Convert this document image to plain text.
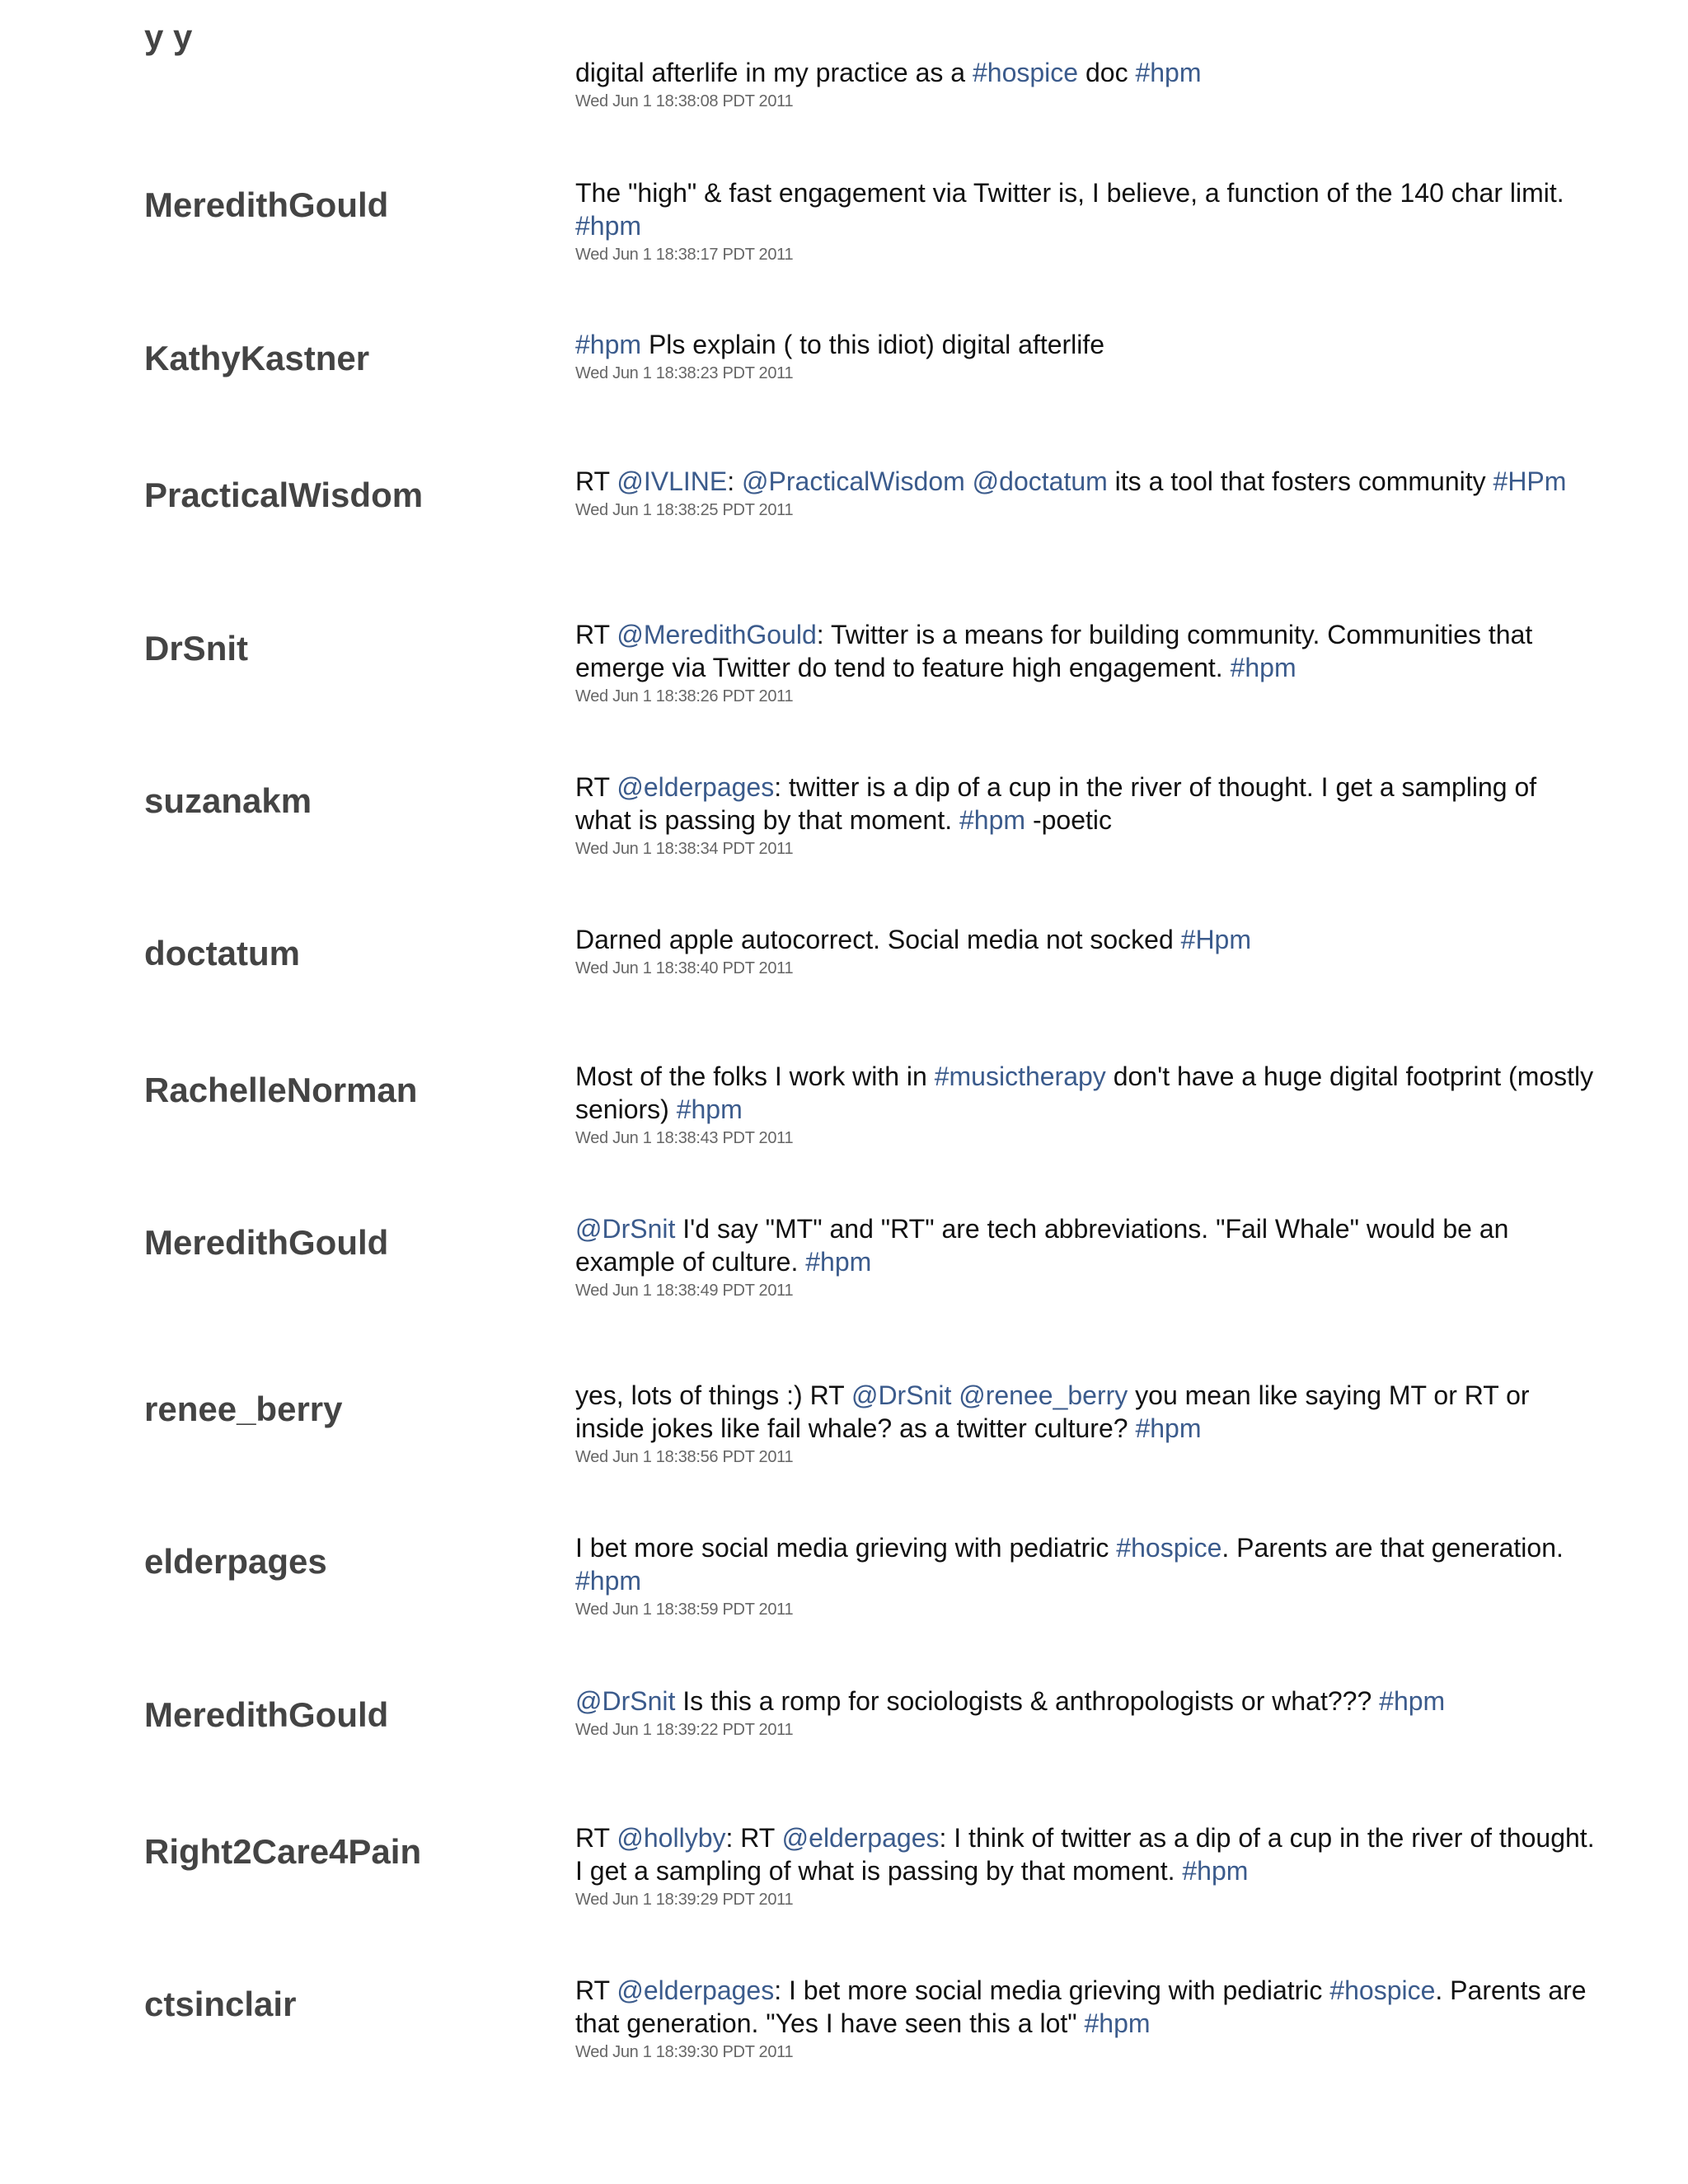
y y
digital afterlife in my practice as a #hospice doc #hpm
Wed Jun 1 18:38:08 PDT 2011
MeredithGould	The "high" & fast engagement via Twitter is, I believe, a function of the 140 char limit. #hpm
Wed Jun 1 18:38:17 PDT 2011
KathyKastner	#hpm Pls explain ( to this idiot) digital afterlife
Wed Jun 1 18:38:23 PDT 2011
PracticalWisdom	RT @IVLINE: @PracticalWisdom @doctatum its a tool that fosters community #HPm
Wed Jun 1 18:38:25 PDT 2011
DrSnit	RT @MeredithGould: Twitter is a means for building community. Communities that emerge via Twitter do tend to feature high engagement. #hpm
Wed Jun 1 18:38:26 PDT 2011
suzanakm	RT @elderpages: twitter is a dip of a cup in the river of thought. I get a sampling of what is passing by that moment. #hpm -poetic
Wed Jun 1 18:38:34 PDT 2011
doctatum	Darned apple autocorrect. Social media not socked #Hpm
Wed Jun 1 18:38:40 PDT 2011
RachelleNorman	Most of the folks I work with in #musictherapy don't have a huge digital footprint (mostly seniors) #hpm
Wed Jun 1 18:38:43 PDT 2011
MeredithGould	@DrSnit I'd say "MT" and "RT" are tech abbreviations. "Fail Whale" would be an example of culture. #hpm
Wed Jun 1 18:38:49 PDT 2011
renee_berry	yes, lots of things :) RT @DrSnit @renee_berry you mean like saying MT or RT or inside jokes like fail whale? as a twitter culture? #hpm
Wed Jun 1 18:38:56 PDT 2011
elderpages	I bet more social media grieving with pediatric #hospice. Parents are that generation. #hpm
Wed Jun 1 18:38:59 PDT 2011
MeredithGould	@DrSnit Is this a romp for sociologists & anthropologists or what??? #hpm
Wed Jun 1 18:39:22 PDT 2011
Right2Care4Pain	RT @hollyby: RT @elderpages: I think of twitter as a dip of a cup in the river of thought. I get a sampling of what is passing by that moment. #hpm
Wed Jun 1 18:39:29 PDT 2011
ctsinclair	RT @elderpages: I bet more social media grieving with pediatric #hospice. Parents are that generation. "Yes I have seen this a lot" #hpm
Wed Jun 1 18:39:30 PDT 2011
